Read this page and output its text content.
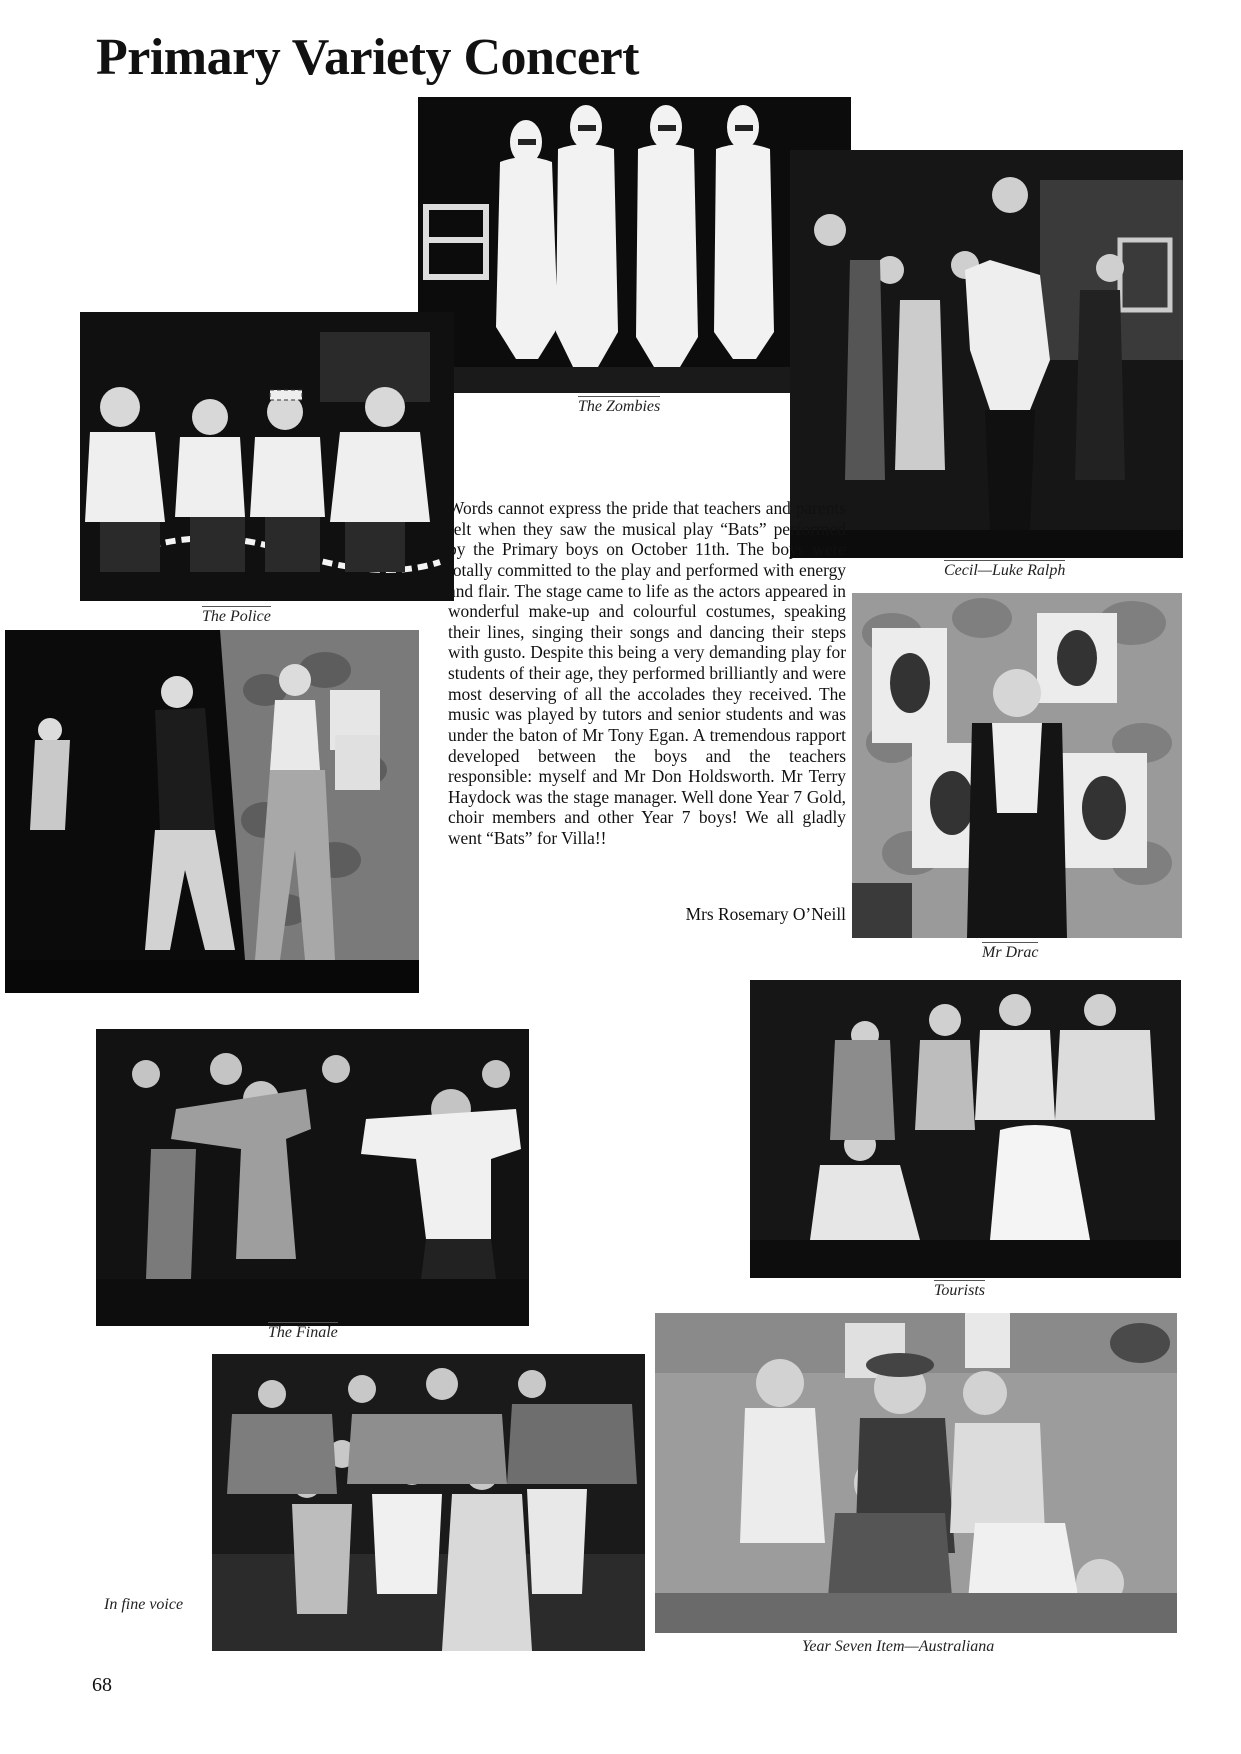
Primary Variety Concert
The Zombies
Cecil—Luke Ralph
The Police
Mr Drac
The Finale
Tourists
In fine voice
Year Seven Item—Australiana

Words cannot express the pride that teachers and parents felt when they saw the musical play “Bats” performed by the Primary boys on October 11th. The boys were totally committed to the play and performed with energy and flair. The stage came to life as the actors appeared in wonderful make-up and colourful costumes, speaking their lines, singing their songs and dancing their steps with gusto. Despite this being a very demanding play for students of their age, they performed brilliantly and were most deserving of all the accolades they received. The music was played by tutors and senior students and was under the baton of Mr Tony Egan. A tremendous rapport developed between the boys and the teachers responsible: myself and Mr Don Holdsworth. Mr Terry Haydock was the stage manager. Well done Year 7 Gold, choir members and other Year 7 boys! We all gladly went “Bats” for Villa!!

Mrs Rosemary O’Neill
68
